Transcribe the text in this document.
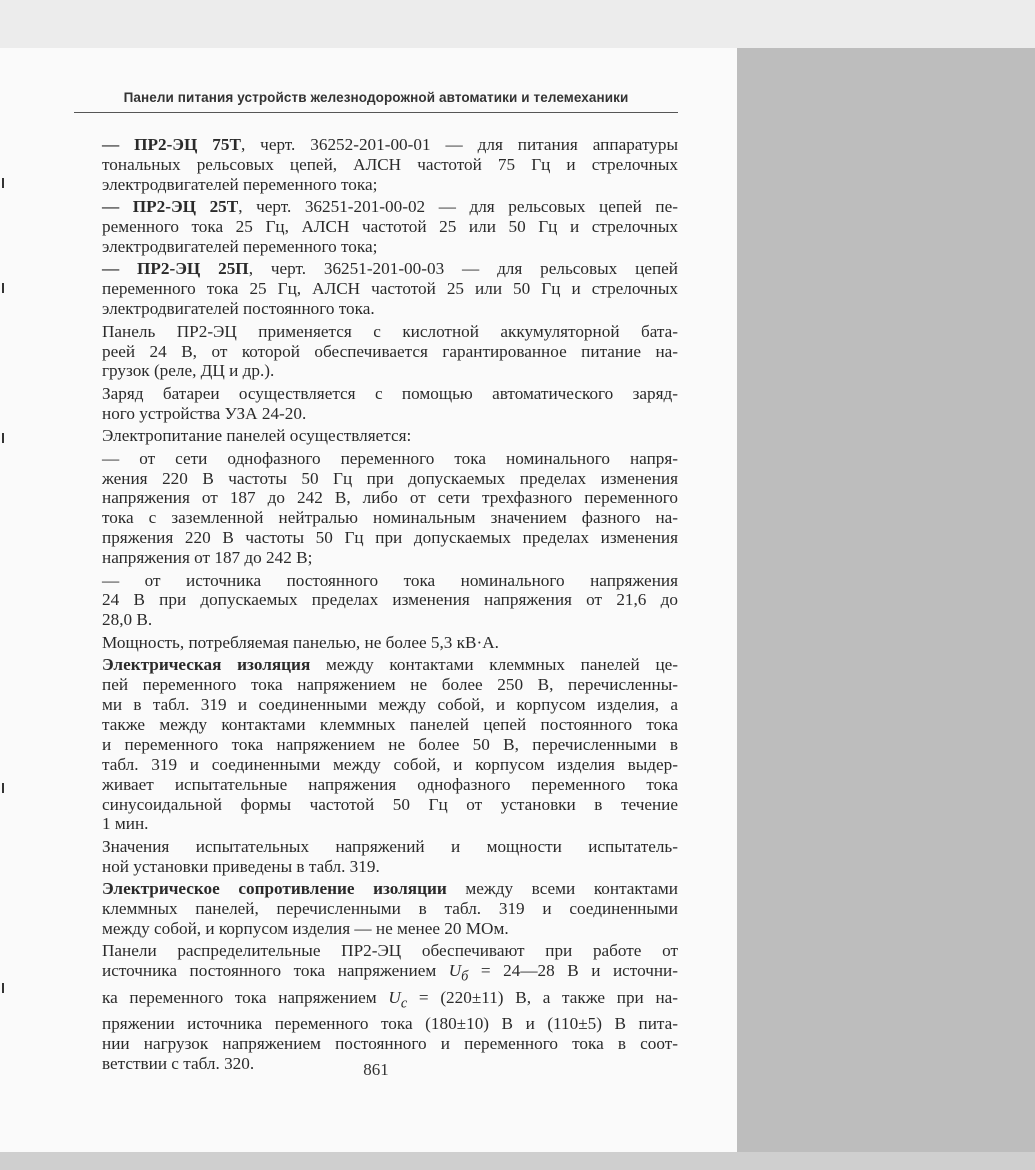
Панели питания устройств железнодорожной автоматики и телемеханики

— ПР2-ЭЦ 75Т, черт. 36252-201-00-01 — для питания аппаратуры
тональных рельсовых цепей, АЛСН частотой 75 Гц и стрелочных
электродвигателей переменного тока;

— ПР2-ЭЦ 25Т, черт. 36251-201-00-02 — для рельсовых цепей пе-
ременного тока 25 Гц, АЛСН частотой 25 или 50 Гц и стрелочных
электродвигателей переменного тока;

— ПР2-ЭЦ 25П, черт. 36251-201-00-03 — для рельсовых цепей
переменного тока 25 Гц, АЛСН частотой 25 или 50 Гц и стрелочных
электродвигателей постоянного тока.

Панель ПР2-ЭЦ применяется с кислотной аккумуляторной бата-
реей 24 В, от которой обеспечивается гарантированное питание на-
грузок (реле, ДЦ и др.).

Заряд батареи осуществляется с помощью автоматического заряд-
ного устройства УЗА 24-20.

Электропитание панелей осуществляется:

— от сети однофазного переменного тока номинального напря-
жения 220 В частоты 50 Гц при допускаемых пределах изменения
напряжения от 187 до 242 В, либо от сети трехфазного переменного
тока с заземленной нейтралью номинальным значением фазного на-
пряжения 220 В частоты 50 Гц при допускаемых пределах изменения
напряжения от 187 до 242 В;

— от источника постоянного тока номинального напряжения
24 В при допускаемых пределах изменения напряжения от 21,6 до
28,0 В.

Мощность, потребляемая панелью, не более 5,3 кВ·А.

Электрическая изоляция между контактами клеммных панелей це-
пей переменного тока напряжением не более 250 В, перечисленны-
ми в табл. 319 и соединенными между собой, и корпусом изделия, а
также между контактами клеммных панелей цепей постоянного тока
и переменного тока напряжением не более 50 В, перечисленными в
табл. 319 и соединенными между собой, и корпусом изделия выдер-
живает испытательные напряжения однофазного переменного тока
синусоидальной формы частотой 50 Гц от установки в течение
1 мин.

Значения испытательных напряжений и мощности испытатель-
ной установки приведены в табл. 319.

Электрическое сопротивление изоляции между всеми контактами
клеммных панелей, перечисленными в табл. 319 и соединенными
между собой, и корпусом изделия — не менее 20 МОм.

Панели распределительные ПР2-ЭЦ обеспечивают при работе от
источника постоянного тока напряжением $U_б$ = 24—28 В и источни-
ка переменного тока напряжением $U_с = (220\pm 11)$ В, а также при на-
пряжении источника переменного тока (180±10) В и (110±5) В пита-
нии нагрузок напряжением постоянного и переменного тока в соот-
ветствии с табл. 320.	861
